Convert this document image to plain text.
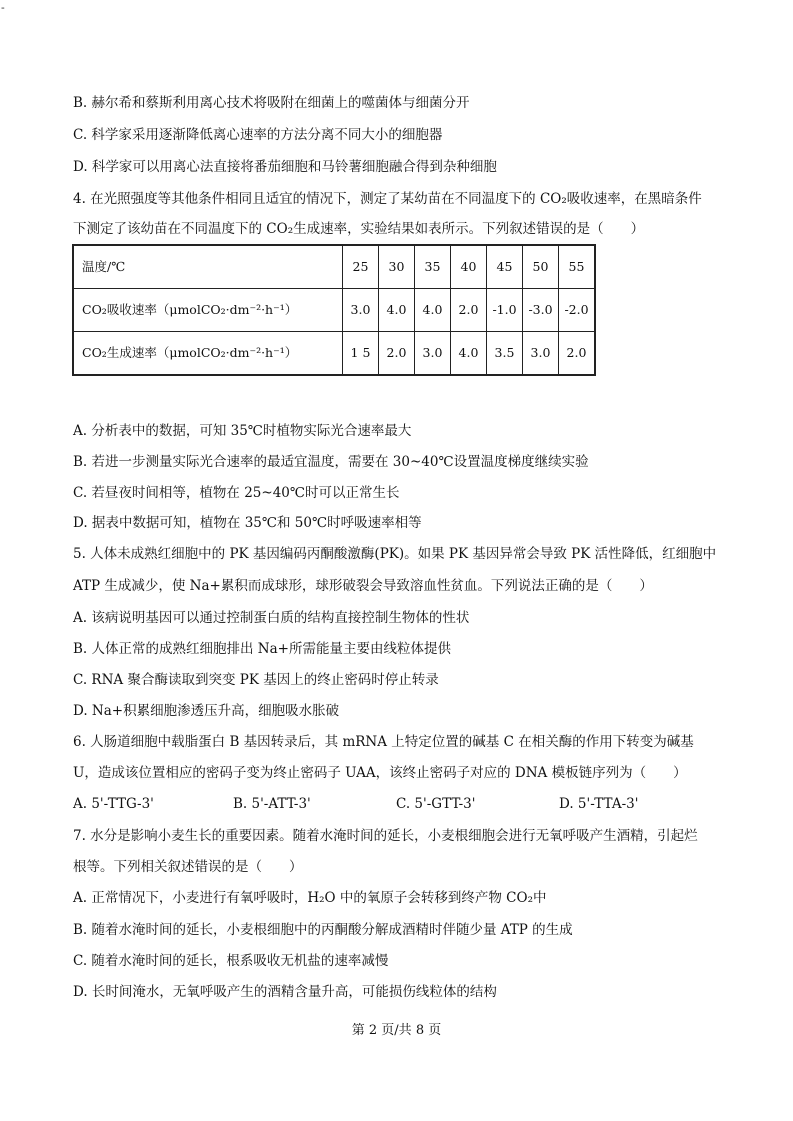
-
B. 赫尔希和蔡斯利用离心技术将吸附在细菌上的噬菌体与细菌分开
C. 科学家采用逐渐降低离心速率的方法分离不同大小的细胞器
D. 科学家可以用离心法直接将番茄细胞和马铃薯细胞融合得到杂种细胞
4. 在光照强度等其他条件相同且适宜的情况下，测定了某幼苗在不同温度下的 CO₂吸收速率，在黑暗条件
下测定了该幼苗在不同温度下的 CO₂生成速率，实验结果如表所示。下列叙述错误的是（　　）
温度/℃	25	30	35	40	45	50	55
CO₂吸收速率（μmolCO₂·dm⁻²·h⁻¹）	3.0	4.0	4.0	2.0	-1.0	-3.0	-2.0
CO₂生成速率（μmolCO₂·dm⁻²·h⁻¹）	1 5	2.0	3.0	4.0	3.5	3.0	2.0
A. 分析表中的数据，可知 35℃时植物实际光合速率最大
B. 若进一步测量实际光合速率的最适宜温度，需要在 30~40℃设置温度梯度继续实验
C. 若昼夜时间相等，植物在 25~40℃时可以正常生长
D. 据表中数据可知，植物在 35℃和 50℃时呼吸速率相等
5. 人体未成熟红细胞中的 PK 基因编码丙酮酸激酶(PK)。如果 PK 基因异常会导致 PK 活性降低，红细胞中
ATP 生成减少，使 Na+累积而成球形，球形破裂会导致溶血性贫血。下列说法正确的是（　　）
A. 该病说明基因可以通过控制蛋白质的结构直接控制生物体的性状
B. 人体正常的成熟红细胞排出 Na+所需能量主要由线粒体提供
C. RNA 聚合酶读取到突变 PK 基因上的终止密码时停止转录
D. Na+积累细胞渗透压升高，细胞吸水胀破
6. 人肠道细胞中载脂蛋白 B 基因转录后，其 mRNA 上特定位置的碱基 C 在相关酶的作用下转变为碱基
U，造成该位置相应的密码子变为终止密码子 UAA，该终止密码子对应的 DNA 模板链序列为（　　）
A. 5'-TTG-3'	B. 5'-ATT-3'	C. 5'-GTT-3'	D. 5'-TTA-3'
7. 水分是影响小麦生长的重要因素。随着水淹时间的延长，小麦根细胞会进行无氧呼吸产生酒精，引起烂
根等。下列相关叙述错误的是（　　）
A. 正常情况下，小麦进行有氧呼吸时，H₂O 中的氧原子会转移到终产物 CO₂中
B. 随着水淹时间的延长，小麦根细胞中的丙酮酸分解成酒精时伴随少量 ATP 的生成
C. 随着水淹时间的延长，根系吸收无机盐的速率减慢
D. 长时间淹水，无氧呼吸产生的酒精含量升高，可能损伤线粒体的结构
第 2 页/共 8 页
